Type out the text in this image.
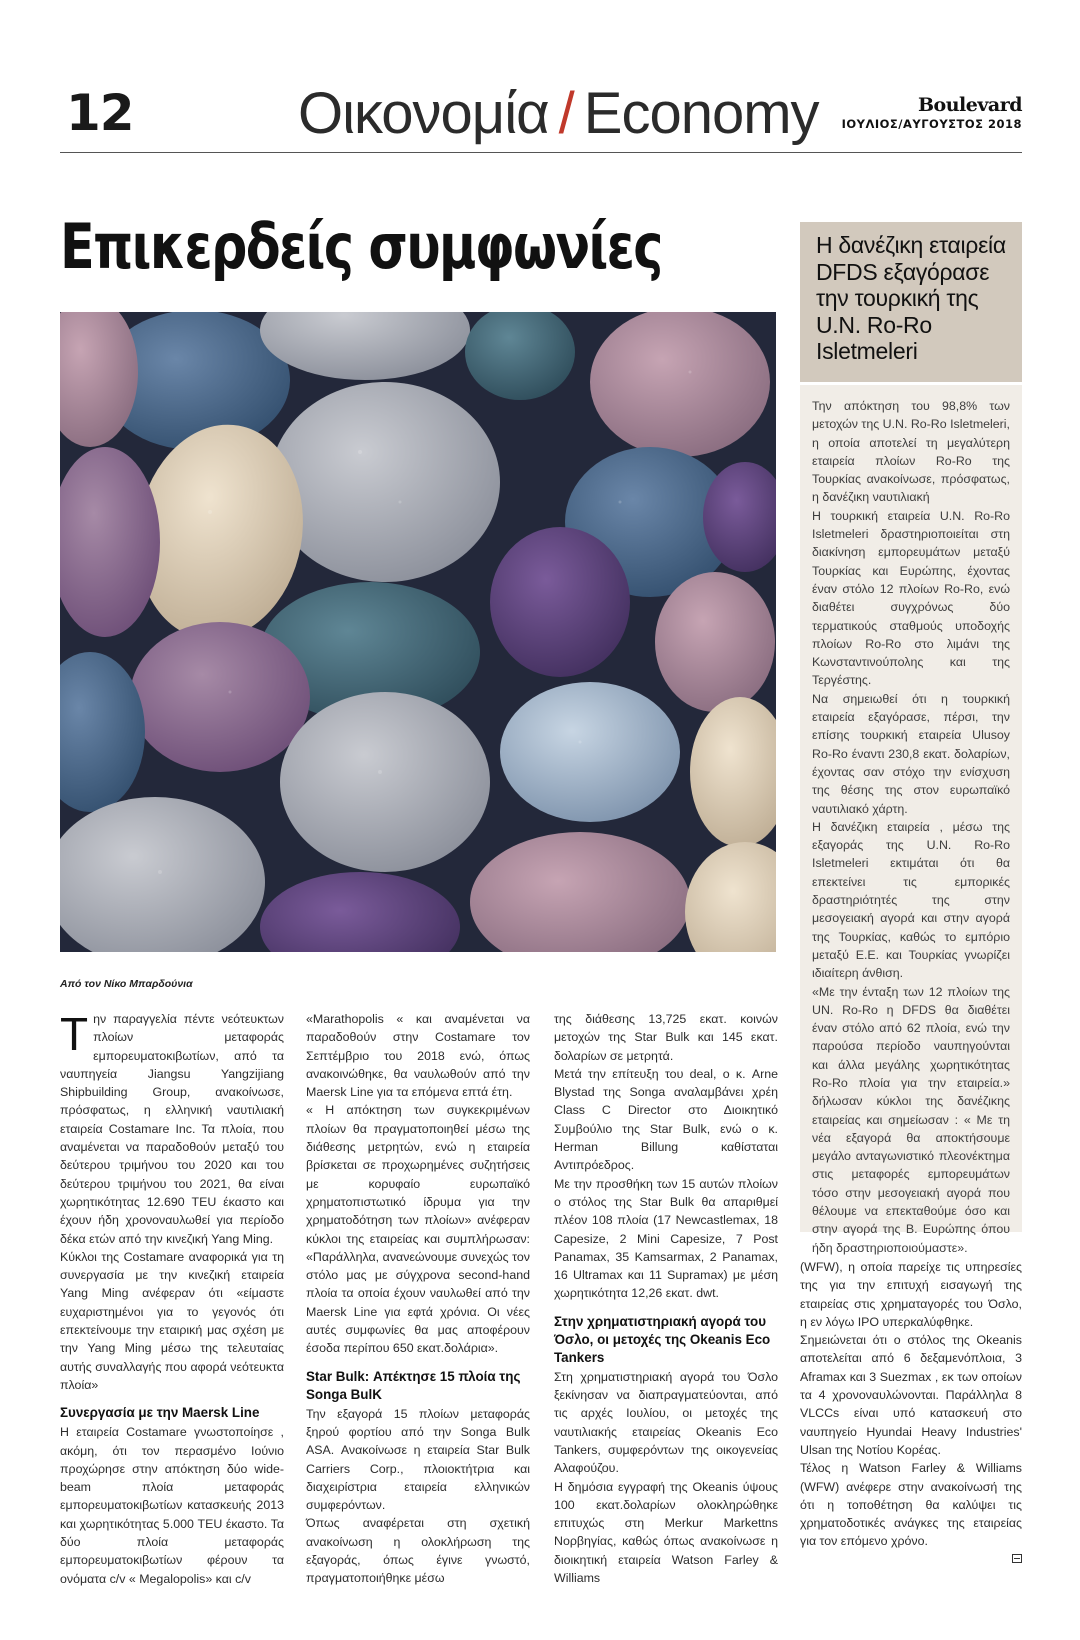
12	Οικονομία / Economy	Boulevard
ΙΟΥΛΙΟΣ/ΑΥΓΟΥΣΤΟΣ 2018
Επικερδείς συμφωνίες	Η δανέζικη εταιρεία DFDS εξαγόρασε την τουρκική της U.N. Ro-Ro Isletmeleri

Την απόκτηση του 98,8% των μετοχών της U.N. Ro-Ro Isletmeleri, η οποία αποτελεί τη μεγαλύτερη εταιρεία πλοίων Ro-Ro της Τουρκίας ανακοίνωσε, πρόσφατως, η δανέζικη ναυτιλιακή

Η τουρκική εταιρεία U.N. Ro-Ro Isletmeleri δραστηριοποιείται στη διακίνηση εμπορευμάτων μεταξύ Τουρκίας και Ευρώπης, έχοντας έναν στόλο 12 πλοίων Ro-Ro, ενώ διαθέτει συγχρόνως δύο τερματικούς σταθμούς υποδοχής πλοίων Ro-Ro στο λιμάνι της Κωνσταντινούπολης και της Τεργέστης.

Να σημειωθεί ότι η τουρκική εταιρεία εξαγόρασε, πέρσι, την επίσης τουρκική εταιρεία Ulusoy Ro-Ro έναντι 230,8 εκατ. δολαρίων, έχοντας σαν στόχο την ενίσχυση της θέσης της στον ευρωπαϊκό ναυτιλιακό χάρτη.

Η δανέζικη εταιρεία , μέσω της εξαγοράς της U.N. Ro-Ro Isletmeleri εκτιμάται ότι θα επεκτείνει τις εμπορικές δραστηριότητές της στην μεσογειακή αγορά και στην αγορά της Τουρκίας, καθώς το εμπόριο μεταξύ Ε.Ε. και Τουρκίας γνωρίζει ιδιαίτερη άνθιση.

«Με την ένταξη των 12 πλοίων της UN. Ro-Ro η DFDS θα διαθέτει έναν στόλο από 62 πλοία, ενώ την παρούσα περίοδο ναυπηγούνται και άλλα μεγάλης χωρητικότητας Ro-Ro πλοία για την εταιρεία.» δήλωσαν κύκλοι της δανέζικης εταιρείας και σημείωσαν : « Με τη νέα εξαγορά θα αποκτήσουμε μεγάλο ανταγωνιστικό πλεονέκτημα στις μεταφορές εμπορευμάτων τόσο στην μεσογειακή αγορά που θέλουμε να επεκταθούμε όσο και στην αγορά της Β. Ευρώπης όπου ήδη δραστηριοποιούμαστε».

Από τον Νίκο Μπαρδούνια

Την παραγγελία πέντε νεότευκτων πλοίων μεταφοράς εμπορευματοκιβωτίων, από τα ναυπηγεία Jiangsu Yangzijiang Shipbuilding Group, ανακοίνωσε, πρόσφατως, η ελληνική ναυτιλιακή εταιρεία Costamare Inc. Τα πλοία, που αναμένεται να παραδοθούν μεταξύ του δεύτερου τριμήνου του 2020 και του δεύτερου τριμήνου του 2021, θα είναι χωρητικότητας 12.690 TEU έκαστο και έχουν ήδη χρονοναυλωθεί για περίοδο δέκα ετών από την κινεζική Yang Ming.

Κύκλοι της Costamare αναφορικά για τη συνεργασία με την κινεζική εταιρεία Yang Ming ανέφεραν ότι «είμαστε ευχαριστημένοι για το γεγονός ότι επεκτείνουμε την εταιρική μας σχέση με την Yang Ming μέσω της τελευταίας αυτής συναλλαγής που αφορά νεότευκτα πλοία»

Συνεργασία με την Maersk Line

Η εταιρεία Costamare γνωστοποίησε , ακόμη, ότι τον περασμένο Ιούνιο προχώρησε στην απόκτηση δύο wide-beam πλοία μεταφοράς εμπορευματοκιβωτίων κατασκευής 2013 και χωρητικότητας 5.000 TEU έκαστο. Τα δύο πλοία μεταφοράς εμπορευματοκιβωτίων φέρουν τα ονόματα c/v « Megalopolis» και c/v

«Marathopolis « και αναμένεται να παραδοθούν στην Costamare τον Σεπτέμβριο του 2018 ενώ, όπως ανακοινώθηκε, θα ναυλωθούν από την Maersk Line για τα επόμενα επτά έτη.

« Η απόκτηση των συγκεκριμένων πλοίων θα πραγματοποιηθεί μέσω της διάθεσης μετρητών, ενώ η εταιρεία βρίσκεται σε προχωρημένες συζητήσεις με κορυφαίο ευρωπαϊκό χρηματοπιστωτικό ίδρυμα για την χρηματοδότηση των πλοίων» ανέφεραν κύκλοι της εταιρείας και συμπλήρωσαν: «Παράλληλα, ανανεώνουμε συνεχώς τον στόλο μας με σύγχρονα second-hand πλοία τα οποία έχουν ναυλωθεί από την Maersk Line για εφτά χρόνια. Οι νέες αυτές συμφωνίες θα μας αποφέρουν έσοδα περίπου 650 εκατ.δολάρια».

Star Bulk: Απέκτησε 15 πλοία της Songa BulK

Την εξαγορά 15 πλοίων μεταφοράς ξηρού φορτίου από την Songa Bulk ASA. Ανακοίνωσε η εταιρεία Star Bulk Carriers Corp., πλοιοκτήτρια και διαχειρίστρια εταιρεία ελληνικών συμφερόντων.

Όπως αναφέρεται στη σχετική ανακοίνωση η ολοκλήρωση της εξαγοράς, όπως έγινε γνωστό, πραγματοποιήθηκε μέσω

της διάθεσης 13,725 εκατ. κοινών μετοχών της Star Bulk και 145 εκατ. δολαρίων σε μετρητά.

Μετά την επίτευξη του deal, ο κ. Arne Blystad της Songa αναλαμβάνει χρέη Class C Director στο Διοικητικό Συμβούλιο της Star Bulk, ενώ ο κ. Herman Billung καθίσταται Αντιπρόεδρος.

Με την προσθήκη των 15 αυτών πλοίων ο στόλος της Star Bulk θα απαριθμεί πλέον 108 πλοία (17 Newcastlemax, 18 Capesize, 2 Mini Capesize, 7 Post Panamax, 35 Kamsarmax, 2 Panamax, 16 Ultramax και 11 Supramax) με μέση χωρητικότητα 12,26 εκατ. dwt.

Στην χρηματιστηριακή αγορά του Όσλο, οι μετοχές της Okeanis Eco Tankers

Στη χρηματιστηριακή αγορά του Όσλο ξεκίνησαν να διαπραγματεύονται, από τις αρχές Ιουλίου, οι μετοχές της ναυτιλιακής εταιρείας Okeanis Eco Tankers, συμφερόντων της οικογενείας Αλαφούζου.

Η δημόσια εγγραφή της Okeanis ύψους 100 εκατ.δολαρίων ολοκληρώθηκε επιτυχώς στη Merkur Markettns Νορβηγίας, καθώς όπως ανακοίνωσε η διοικητική εταιρεία Watson Farley & Williams

(WFW), η οποία παρείχε τις υπηρεσίες της για την επιτυχή εισαγωγή της εταιρείας στις χρηματαγορές του Όσλο, η εν λόγω IPO υπερκαλύφθηκε.

Σημειώνεται ότι ο στόλος της Okeanis αποτελείται από 6 δεξαμενόπλοια, 3 Aframax και 3 Suezmax , εκ των οποίων τα 4 χρονοναυλώνονται. Παράλληλα 8 VLCCs είναι υπό κατασκευή στο ναυπηγείο Hyundai Heavy Industries' Ulsan της Νοτίου Κορέας.

Τέλος η Watson Farley & Williams (WFW) ανέφερε στην ανακοίνωσή της ότι η τοποθέτηση θα καλύψει τις χρηματοδοτικές ανάγκες της εταιρείας για τον επόμενο χρόνο.
